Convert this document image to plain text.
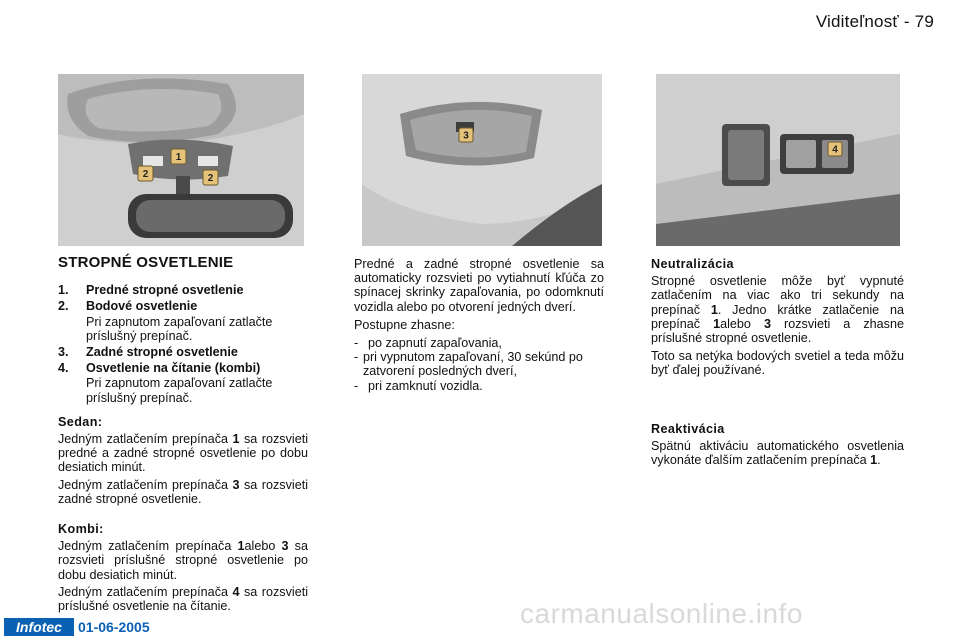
Viditeľnosť - 79
1
2	2
3
4

STROPNÉ OSVETLENIE

1.	Predné stropné osvetlenie
2.	Bodové osvetlenie

Pri zapnutom zapaľovaní zatlačte príslušný prepínač.

3.	Zadné stropné osvetlenie
4.	Osvetlenie na čítanie (kombi)

Pri zapnutom zapaľovaní zatlačte príslušný prepínač.

Sedan:

Jedným zatlačením prepínača 1 sa rozsvieti predné a zadné stropné osvetlenie po dobu desiatich minút.

Jedným zatlačením prepínača 3 sa rozsvieti zadné stropné osvetlenie.

Kombi:

Jedným zatlačením prepínača 1alebo 3 sa rozsvieti príslušné stropné osvetlenie po dobu desiatich minút.

Jedným zatlačením prepínača 4 sa rozsvieti príslušné osvetlenie na čítanie.

Predné a zadné stropné osvetlenie sa automaticky rozsvieti po vytiahnutí kľúča zo spínacej skrinky zapaľovania, po odomknutí vozidla alebo po otvorení jedných dverí.

Postupne zhasne:

- po zapnutí zapaľovania,
- pri vypnutom zapaľovaní, 30 sekúnd po zatvorení posledných dverí,
- pri zamknutí vozidla.

Neutralizácia

Stropné osvetlenie môže byť vypnuté zatlačením na viac ako tri sekundy na prepínač 1. Jedno krátke zatlačenie na prepínač 1alebo 3 rozsvieti a zhasne príslušné stropné osvetlenie.

Toto sa netýka bodových svetiel a teda môžu byť ďalej používané.

Reaktivácia

Spätnú aktiváciu automatického osvetlenia vykonáte ďalším zatlačením prepínača 1.

Infotec	01-06-2005	carmanualsonline.info
